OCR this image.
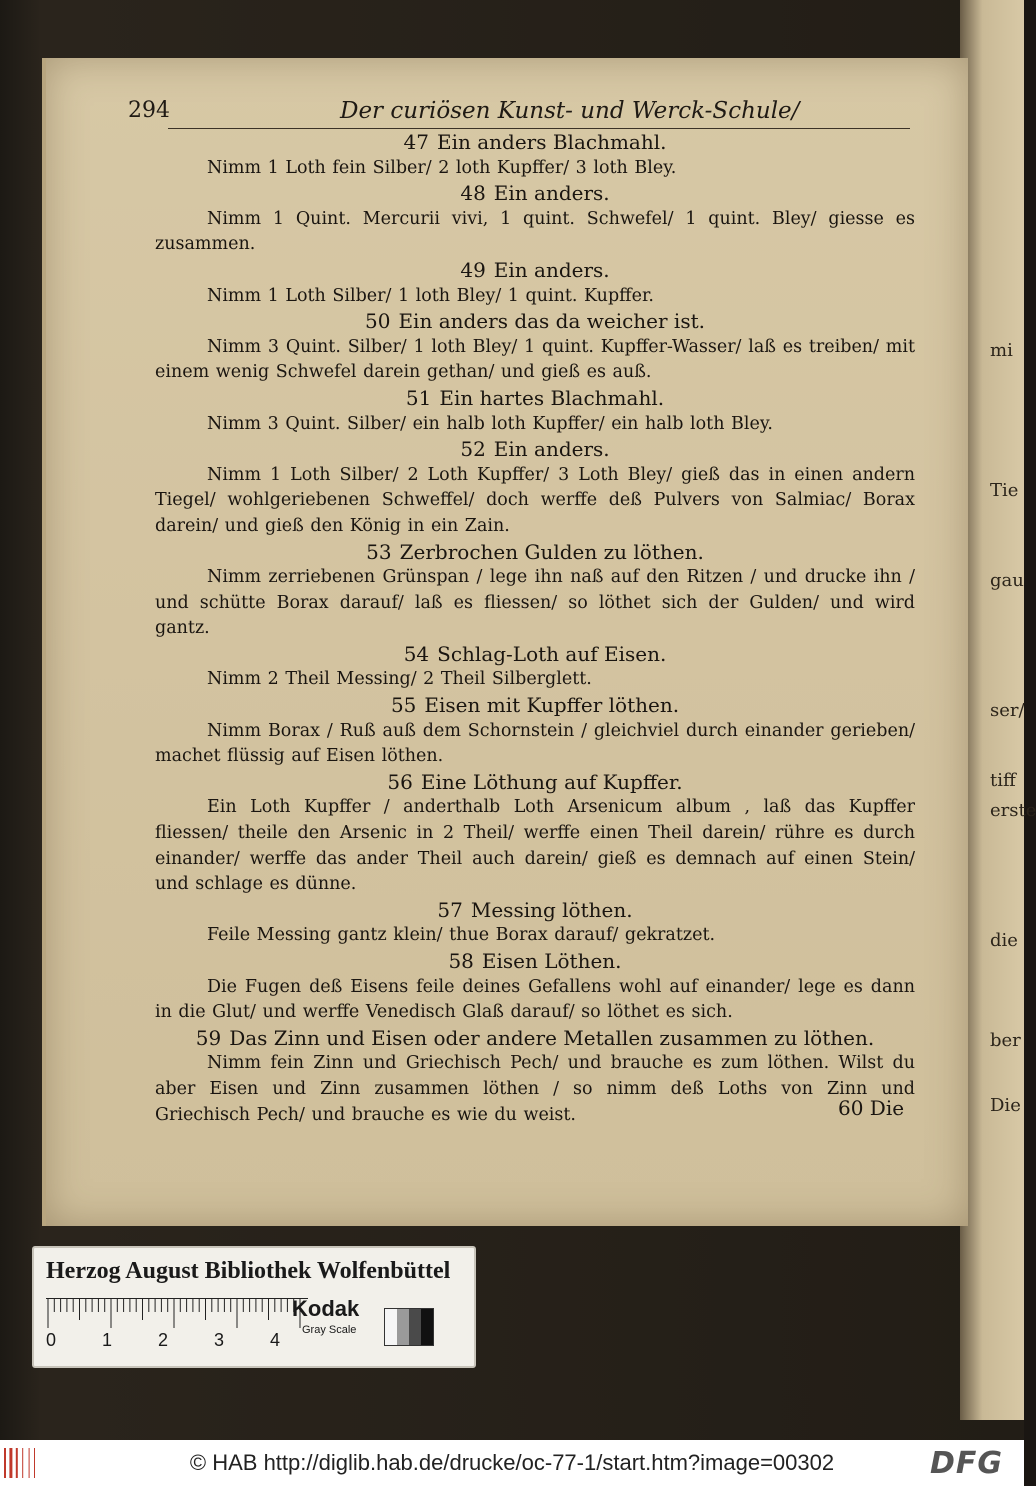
mi
Tie
gau
ser/
tiff
erste
die
ber
Die
294	Der curiösen Kunst- und Werck-Schule/
47 Ein anders Blachmahl.
Nimm 1 Loth fein Silber/ 2 loth Kupffer/ 3 loth Bley.
48 Ein anders.
Nimm 1 Quint. Mercurii vivi, 1 quint. Schwefel/ 1 quint. Bley/ giesse es zusammen.
49 Ein anders.
Nimm 1 Loth Silber/ 1 loth Bley/ 1 quint. Kupffer.
50 Ein anders das da weicher ist.
Nimm 3 Quint. Silber/ 1 loth Bley/ 1 quint. Kupffer-Wasser/ laß es treiben/ mit einem wenig Schwefel darein gethan/ und gieß es auß.
51 Ein hartes Blachmahl.
Nimm 3 Quint. Silber/ ein halb loth Kupffer/ ein halb loth Bley.
52 Ein anders.
Nimm 1 Loth Silber/ 2 Loth Kupffer/ 3 Loth Bley/ gieß das in einen andern Tiegel/ wohlgeriebenen Schweffel/ doch werffe deß Pulvers von Salmiac/ Borax darein/ und gieß den König in ein Zain.
53 Zerbrochen Gulden zu löthen.
Nimm zerriebenen Grünspan / lege ihn naß auf den Ritzen / und drucke ihn / und schütte Borax darauf/ laß es fliessen/ so löthet sich der Gulden/ und wird gantz.
54 Schlag-Loth auf Eisen.
Nimm 2 Theil Messing/ 2 Theil Silberglett.
55 Eisen mit Kupffer löthen.
Nimm Borax / Ruß auß dem Schornstein / gleichviel durch einander gerieben/ machet flüssig auf Eisen löthen.
56 Eine Löthung auf Kupffer.
Ein Loth Kupffer / anderthalb Loth Arsenicum album , laß das Kupffer fliessen/ theile den Arsenic in 2 Theil/ werffe einen Theil darein/ rühre es durch einander/ werffe das ander Theil auch darein/ gieß es demnach auf einen Stein/ und schlage es dünne.
57 Messing löthen.
Feile Messing gantz klein/ thue Borax darauf/ gekratzet.
58 Eisen Löthen.
Die Fugen deß Eisens feile deines Gefallens wohl auf einander/ lege es dann in die Glut/ und werffe Venedisch Glaß darauf/ so löthet es sich.
59 Das Zinn und Eisen oder andere Metallen zusammen zu löthen.
Nimm fein Zinn und Griechisch Pech/ und brauche es zum löthen. Wilst du aber Eisen und Zinn zusammen löthen / so nimm deß Loths von Zinn und Griechisch Pech/ und brauche es wie du weist.	60 Die
Herzog August Bibliothek Wolfenbüttel
0	1	2	3	4
Kodak
Gray Scale
© HAB http://diglib.hab.de/drucke/oc-77-1/start.htm?image=00302	DFG
